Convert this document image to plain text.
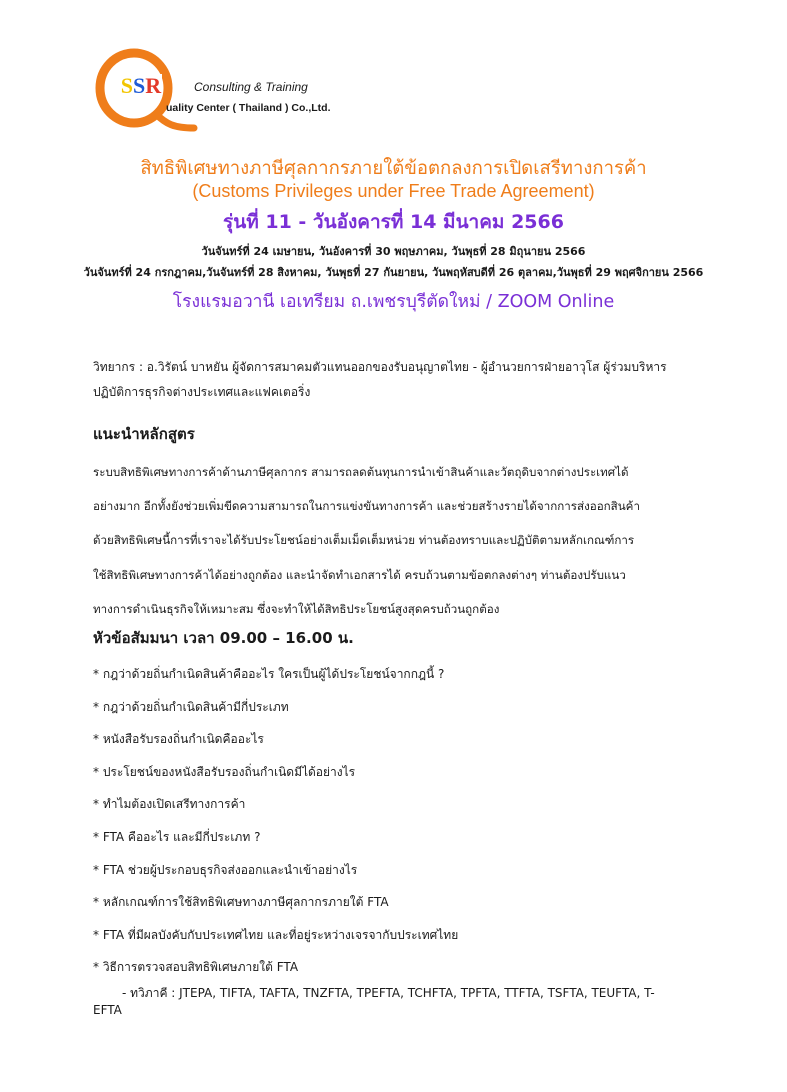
SSR	Consulting & Training
uality Center ( Thailand ) Co.,Ltd.
สิทธิพิเศษทางภาษีศุลกากรภายใต้ข้อตกลงการเปิดเสรีทางการค้า
(Customs Privileges under Free Trade Agreement)
รุ่นที่ 11 - วันอังคารที่ 14 มีนาคม 2566
วันจันทร์ที่ 24 เมษายน, วันอังคารที่ 30 พฤษภาคม, วันพุธที่ 28 มิถุนายน 2566
วันจันทร์ที่ 24 กรกฎาคม,วันจันทร์ที่ 28 สิงหาคม, วันพุธที่ 27 กันยายน, วันพฤหัสบดีที่ 26 ตุลาคม,วันพุธที่ 29 พฤศจิกายน 2566
โรงแรมอวานี เอเทรียม ถ.เพชรบุรีตัดใหม่ / ZOOM Online
วิทยากร : อ.วิรัตน์ บาหยัน ผู้จัดการสมาคมตัวแทนออกของรับอนุญาตไทย - ผู้อำนวยการฝ่ายอาวุโส ผู้ร่วมบริหาร
ปฏิบัติการธุรกิจต่างประเทศและแฟคเตอริ่ง
แนะนำหลักสูตร
ระบบสิทธิพิเศษทางการค้าด้านภาษีศุลกากร สามารถลดต้นทุนการนำเข้าสินค้าและวัตถุดิบจากต่างประเทศได้
อย่างมาก อีกทั้งยังช่วยเพิ่มขีดความสามารถในการแข่งขันทางการค้า และช่วยสร้างรายได้จากการส่งออกสินค้า
ด้วยสิทธิพิเศษนี้การที่เราจะได้รับประโยชน์อย่างเต็มเม็ดเต็มหน่วย ท่านต้องทราบและปฏิบัติตามหลักเกณฑ์การ
ใช้สิทธิพิเศษทางการค้าได้อย่างถูกต้อง และนำจัดทำเอกสารได้ ครบถ้วนตามข้อตกลงต่างๆ ท่านต้องปรับแนว
ทางการดำเนินธุรกิจให้เหมาะสม ซึ่งจะทำให้ได้สิทธิประโยชน์สูงสุดครบถ้วนถูกต้อง
หัวข้อสัมมนา เวลา 09.00 – 16.00 น.
* กฎว่าด้วยถิ่นกำเนิดสินค้าคืออะไร ใครเป็นผู้ได้ประโยชน์จากกฎนี้ ?
* กฎว่าด้วยถิ่นกำเนิดสินค้ามีกี่ประเภท
* หนังสือรับรองถิ่นกำเนิดคืออะไร
* ประโยชน์ของหนังสือรับรองถิ่นกำเนิดมีได้อย่างไร
* ทำไมต้องเปิดเสรีทางการค้า
* FTA คืออะไร และมีกี่ประเภท ?
* FTA ช่วยผู้ประกอบธุรกิจส่งออกและนำเข้าอย่างไร
* หลักเกณฑ์การใช้สิทธิพิเศษทางภาษีศุลกากรภายใต้ FTA
* FTA ที่มีผลบังคับกับประเทศไทย และที่อยู่ระหว่างเจรจากับประเทศไทย
* วิธีการตรวจสอบสิทธิพิเศษภายใต้ FTA
- ทวิภาคี : JTEPA, TIFTA, TAFTA, TNZFTA, TPEFTA, TCHFTA, TPFTA, TTFTA, TSFTA, TEUFTA, T-
EFTA
